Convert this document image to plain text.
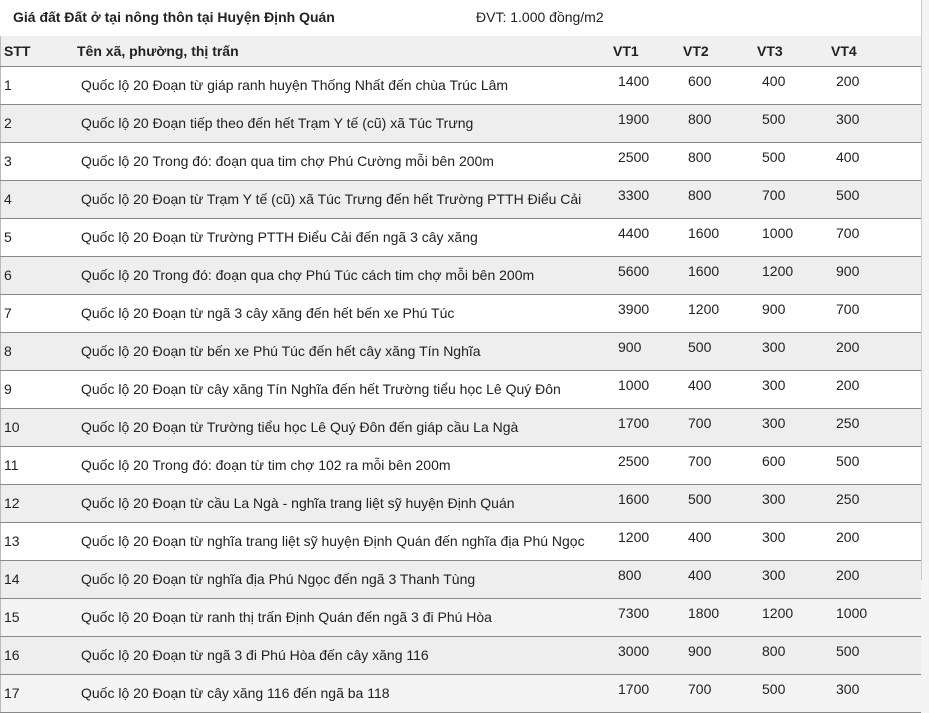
Giá đất Đất ở tại nông thôn tại Huyện Định Quán	ĐVT: 1.000 đồng/m2
STT	Tên xã, phường, thị trấn	VT1	VT2	VT3	VT4
1	Quốc lộ 20 Đoạn từ giáp ranh huyện Thống Nhất đến chùa Trúc Lâm	1400	600	400	200
2	Quốc lộ 20 Đoạn tiếp theo đến hết Trạm Y tế (cũ) xã Túc Trưng	1900	800	500	300
3	Quốc lộ 20 Trong đó: đoạn qua tim chợ Phú Cường mỗi bên 200m	2500	800	500	400
4	Quốc lộ 20 Đoạn từ Trạm Y tế (cũ) xã Túc Trưng đến hết Trường PTTH Điểu Cải	3300	800	700	500
5	Quốc lộ 20 Đoạn từ Trường PTTH Điểu Cải đến ngã 3 cây xăng	4400	1600	1000	700
6	Quốc lộ 20 Trong đó: đoạn qua chợ Phú Túc cách tim chợ mỗi bên 200m	5600	1600	1200	900
7	Quốc lộ 20 Đoạn từ ngã 3 cây xăng đến hết bến xe Phú Túc	3900	1200	900	700
8	Quốc lộ 20 Đoạn từ bến xe Phú Túc đến hết cây xăng Tín Nghĩa	900	500	300	200
9	Quốc lộ 20 Đoạn từ cây xăng Tín Nghĩa đến hết Trường tiểu học Lê Quý Đôn	1000	400	300	200
10	Quốc lộ 20 Đoạn từ Trường tiểu học Lê Quý Đôn đến giáp cầu La Ngà	1700	700	300	250
11	Quốc lộ 20 Trong đó: đoạn từ tim chợ 102 ra mỗi bên 200m	2500	700	600	500
12	Quốc lộ 20 Đoạn từ cầu La Ngà - nghĩa trang liệt sỹ huyện Định Quán	1600	500	300	250
13	Quốc lộ 20 Đoạn từ nghĩa trang liệt sỹ huyện Định Quán đến nghĩa địa Phú Ngọc	1200	400	300	200
14	Quốc lộ 20 Đoạn từ nghĩa địa Phú Ngọc đến ngã 3 Thanh Tùng	800	400	300	200
15	Quốc lộ 20 Đoạn từ ranh thị trấn Định Quán đến ngã 3 đi Phú Hòa	7300	1800	1200	1000
16	Quốc lộ 20 Đoạn từ ngã 3 đi Phú Hòa đến cây xăng 116	3000	900	800	500
17	Quốc lộ 20 Đoạn từ cây xăng 116 đến ngã ba 118	1700	700	500	300
